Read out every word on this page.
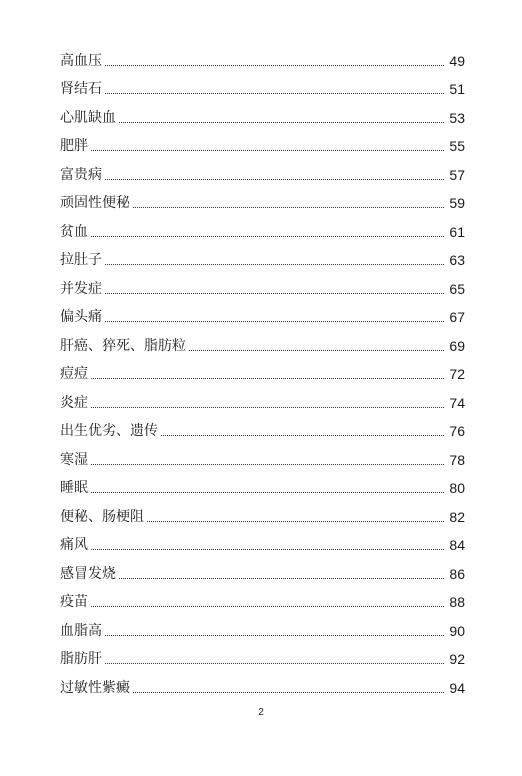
高血压	49
肾结石	51
心肌缺血	53
肥胖	55
富贵病	57
顽固性便秘	59
贫血	61
拉肚子	63
并发症	65
偏头痛	67
肝癌、猝死、脂肪粒	69
痘痘	72
炎症	74
出生优劣、遗传	76
寒湿	78
睡眠	80
便秘、肠梗阻	82
痛风	84
感冒发烧	86
疫苗	88
血脂高	90
脂肪肝	92
过敏性紫癜	94
2
